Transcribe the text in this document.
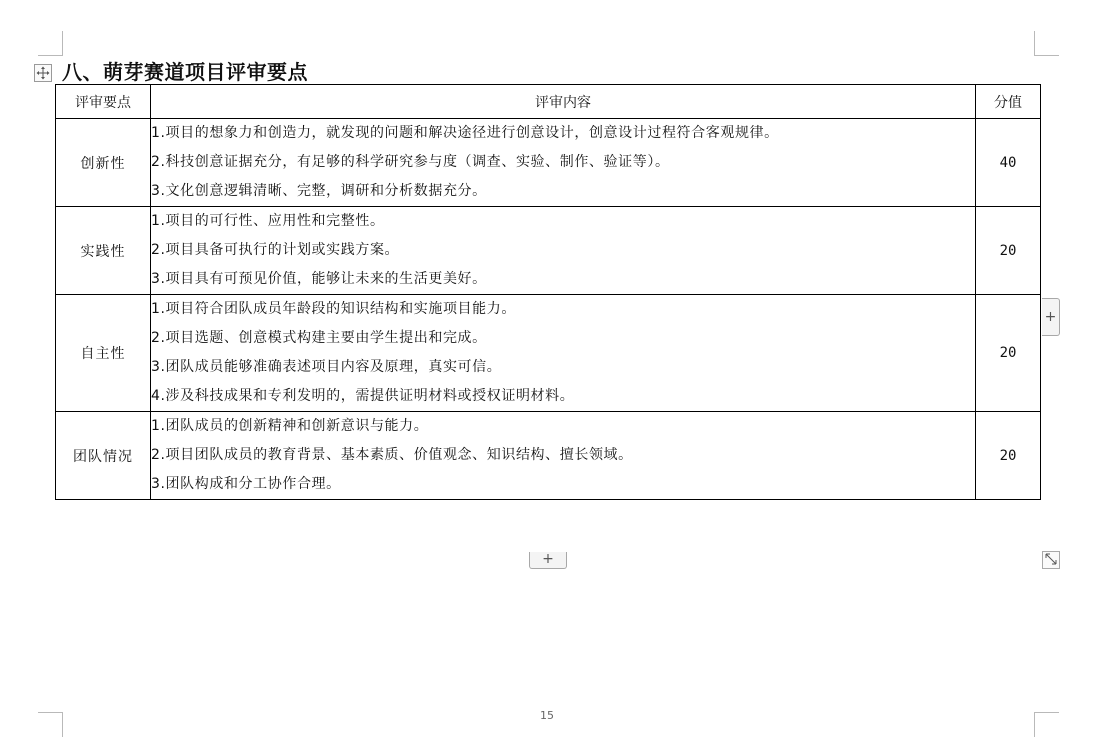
八、萌芽赛道项目评审要点
评审要点	评审内容	分值
创新性	1.项目的想象力和创造力，就发现的问题和解决途径进行创意设计，创意设计过程符合客观规律。
2.科技创意证据充分，有足够的科学研究参与度（调查、实验、制作、验证等）。
3.文化创意逻辑清晰、完整，调研和分析数据充分。	40
实践性	1.项目的可行性、应用性和完整性。
2.项目具备可执行的计划或实践方案。
3.项目具有可预见价值，能够让未来的生活更美好。	20
自主性	1.项目符合团队成员年龄段的知识结构和实施项目能力。
2.项目选题、创意模式构建主要由学生提出和完成。
3.团队成员能够准确表述项目内容及原理，真实可信。
4.涉及科技成果和专利发明的，需提供证明材料或授权证明材料。	20
团队情况	1.团队成员的创新精神和创新意识与能力。
2.项目团队成员的教育背景、基本素质、价值观念、知识结构、擅长领域。
3.团队构成和分工协作合理。	20
+
+
15
